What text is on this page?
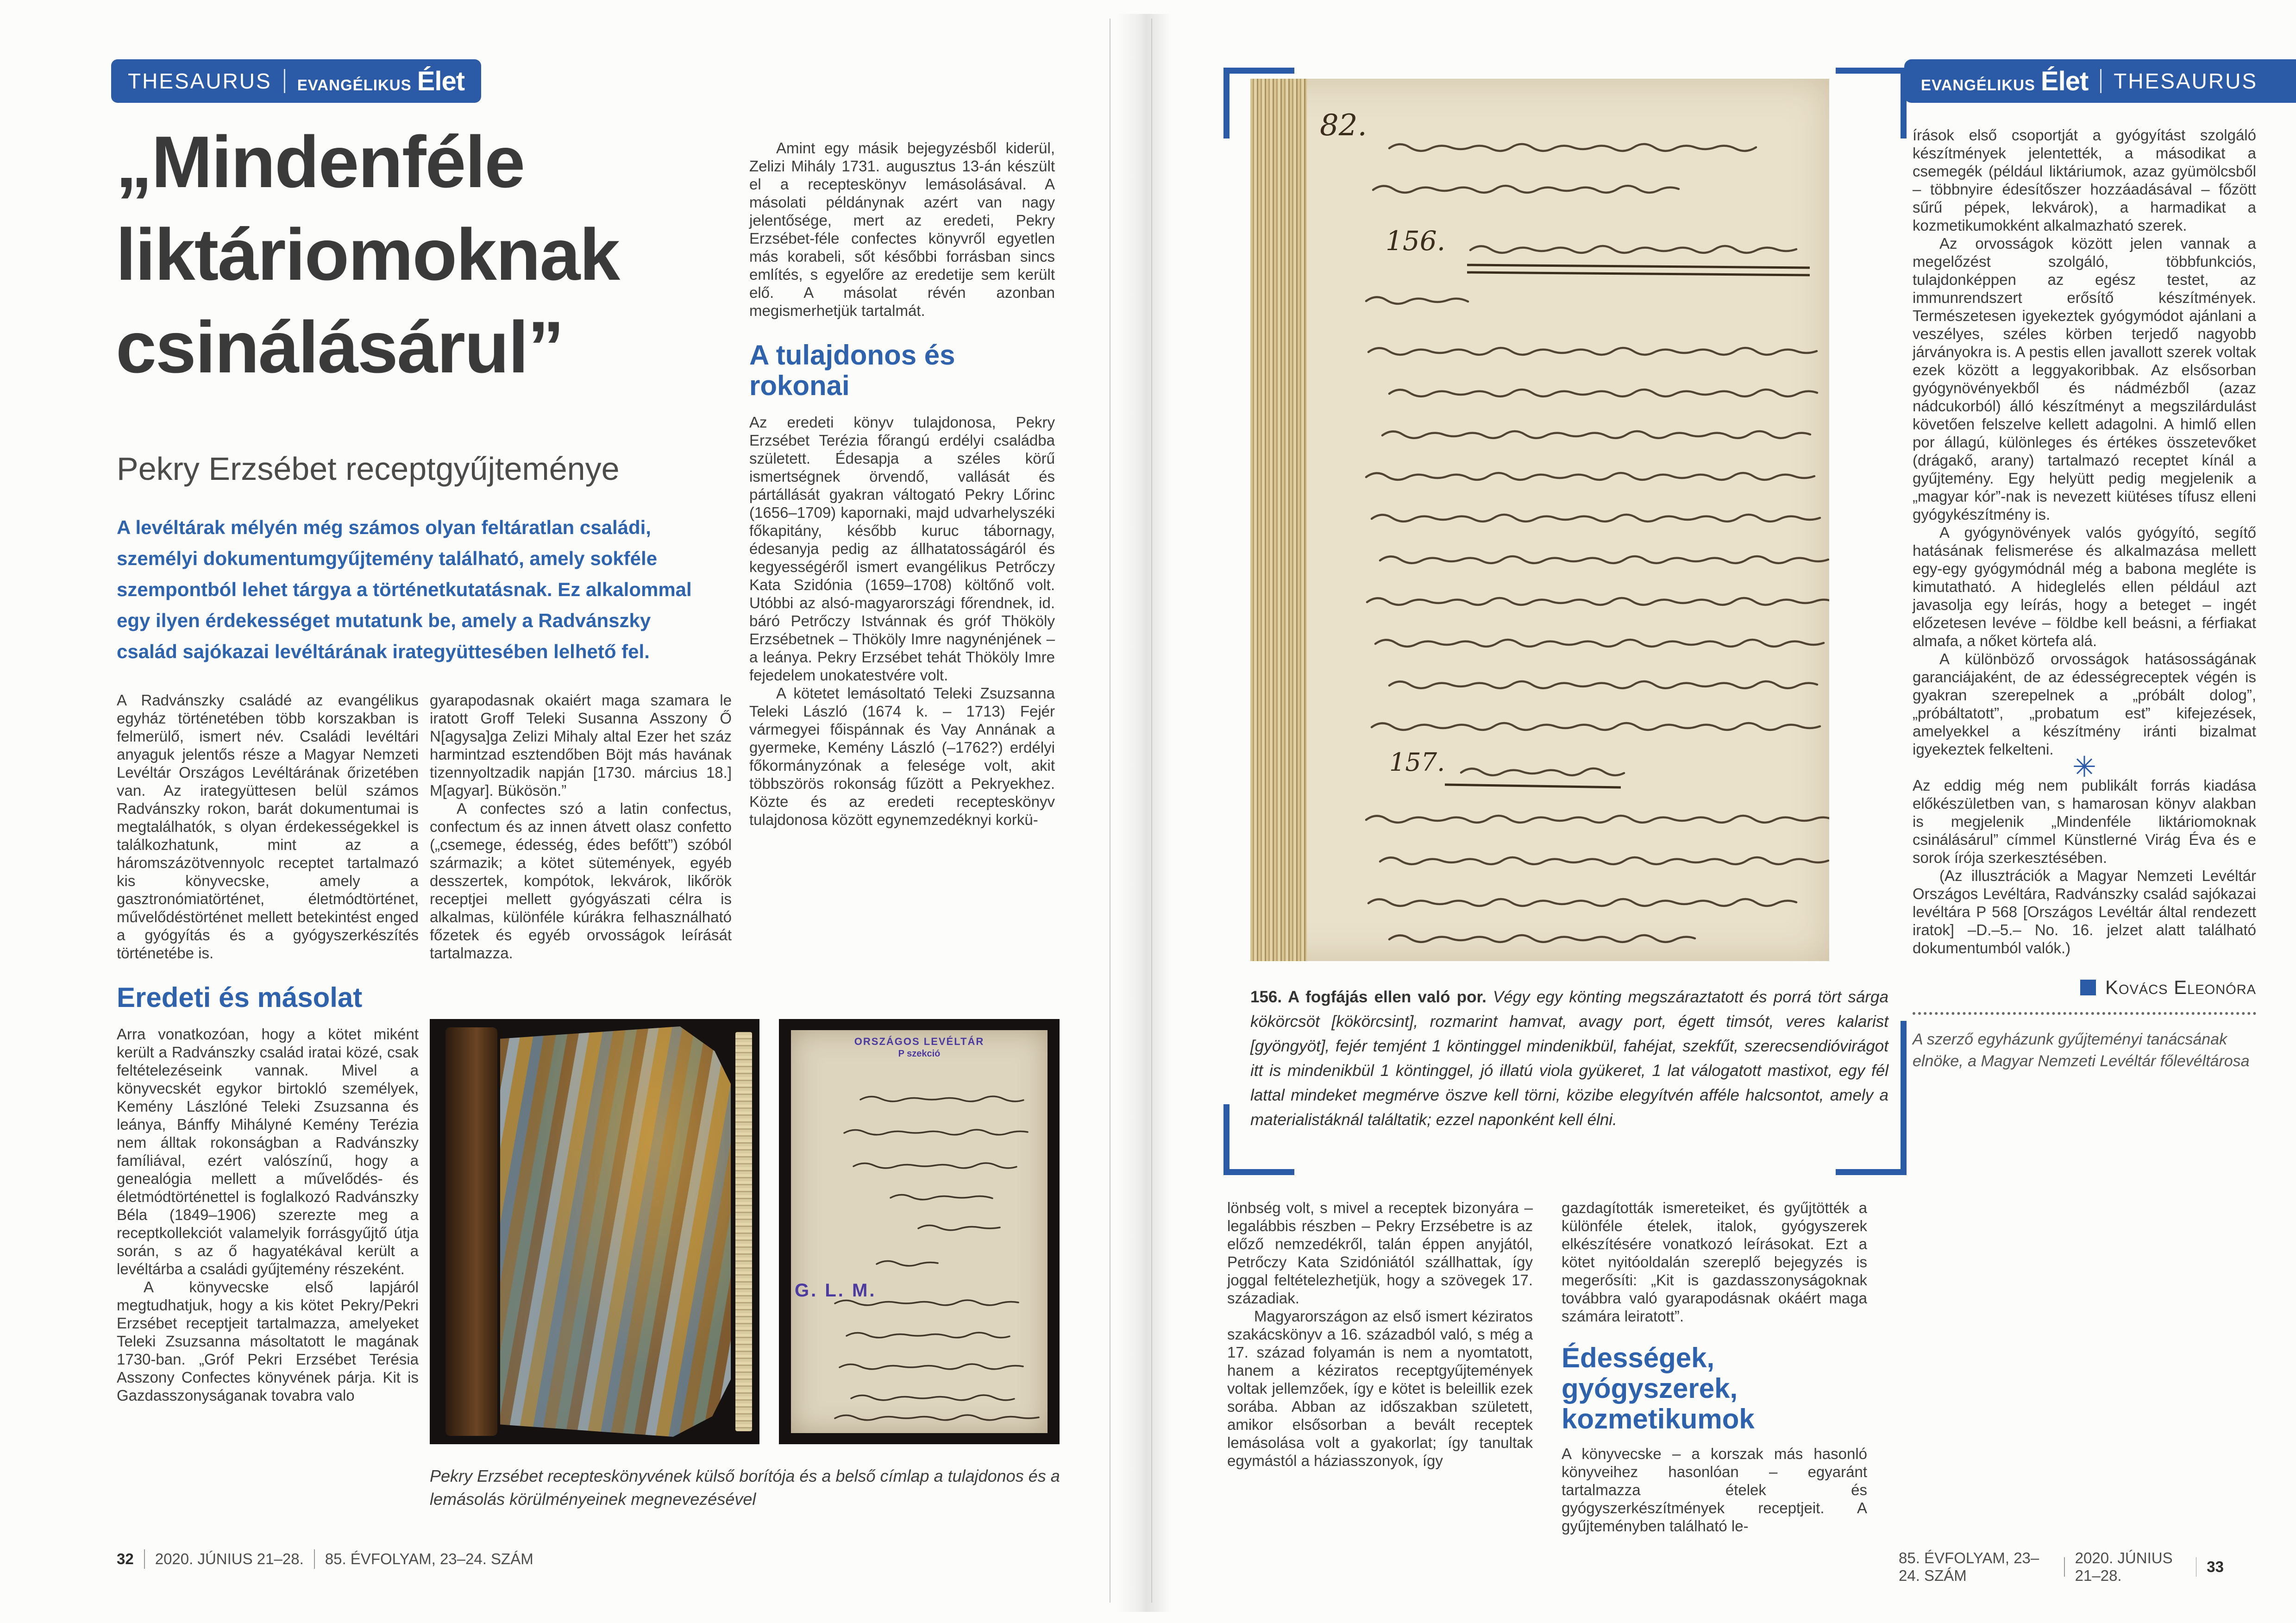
THESAURUS EVANGÉLIKUS Élet
„Mindenféle liktáriomoknak csinálásárul”
Pekry Erzsébet receptgyűjteménye
A levéltárak mélyén még számos olyan feltáratlan családi, személyi dokumentumgyűjtemény található, amely sokféle szempontból lehet tárgya a történetkutatásnak. Ez alkalommal egy ilyen érdekességet mutatunk be, amely a Radvánszky család sajókazai levéltárának irategyüttesében lelhető fel.

A Radvánszky családé az evangélikus egyház történetében több korszakban is felmerülő, ismert név. Családi levéltári anyaguk jelentős része a Magyar Nemzeti Levéltár Országos Levéltárának őrizetében van. Az irategyüttesen belül számos Radvánszky rokon, barát dokumentumai is megtalálhatók, s olyan érdekességekkel is találkozhatunk, mint az a háromszázötvennyolc receptet tartalmazó kis könyvecske, amely a gasztronómiatörténet, életmódtörténet, művelődéstörténet mellett betekintést enged a gyógyítás és a gyógyszerkészítés történetébe is.

Eredeti és másolat

Arra vonatkozóan, hogy a kötet miként került a Radvánszky család iratai közé, csak feltételezéseink vannak. Mivel a könyvecskét egykor birtokló személyek, Kemény Lászlóné Teleki Zsuzsanna és leánya, Bánffy Mihályné Kemény Terézia nem álltak rokonságban a Radvánszky famíliával, ezért valószínű, hogy a genealógia mellett a művelődés- és életmódtörténettel is foglalkozó Radvánszky Béla (1849–1906) szerezte meg a receptkollekciót valamelyik forrásgyűjtő útja során, s az ő hagyatékával került a levéltárba a családi gyűjtemény részeként.

A könyvecske első lapjáról megtudhatjuk, hogy a kis kötet Pekry/Pekri Erzsébet receptjeit tartalmazza, amelyeket Teleki Zsuzsanna másoltatott le magának 1730-ban. „Gróf Pekri Erzsébet Terésia Asszony Confectes könyvének párja. Kit is Gazdasszonyságanak tovabra valo

gyarapodasnak okaiért maga szamara le iratott Groff Teleki Susanna Asszony Ő N[agysa]ga Zelizi Mihaly altal Ezer het száz harmintzad esztendőben Böjt más havának tizennyoltzadik napján [1730. március 18.] M[agyar]. Bükösön.”

A confectes szó a latin confectus, confectum és az innen átvett olasz confetto („csemege, édesség, édes befőtt”) szóból származik; a kötet sütemények, egyéb desszertek, kompótok, lekvárok, likőrök receptjei mellett gyógyászati célra is alkalmas, különféle kúrákra felhasználható főzetek és egyéb orvosságok leírását tartalmazza.

Amint egy másik bejegyzésből kiderül, Zelizi Mihály 1731. augusztus 13-án készült el a recepteskönyv lemásolásával. A másolati példánynak azért van nagy jelentősége, mert az eredeti, Pekry Erzsébet-féle confectes könyvről egyetlen más korabeli, sőt későbbi forrásban sincs említés, s egyelőre az eredetije sem került elő. A másolat révén azonban megismerhetjük tartalmát.

A tulajdonos és rokonai

Az eredeti könyv tulajdonosa, Pekry Erzsébet Terézia főrangú erdélyi családba született. Édesapja a széles körű ismertségnek örvendő, vallását és pártállását gyakran váltogató Pekry Lőrinc (1656–1709) kapornaki, majd udvarhelyszéki főkapitány, később kuruc tábornagy, édesanyja pedig az állhatatosságáról és kegyességéről ismert evangélikus Petrőczy Kata Szidónia (1659–1708) költőnő volt. Utóbbi az alsó-magyarországi főrendnek, id. báró Petrőczy Istvánnak és gróf Thököly Erzsébetnek – Thököly Imre nagynénjének – a leánya. Pekry Erzsébet tehát Thököly Imre fejedelem unokatestvére volt.

A kötetet lemásoltató Teleki Zsuzsanna Teleki László (1674 k. – 1713) Fejér vármegyei főispánnak és Vay Annának a gyermeke, Kemény László (–1762?) erdélyi főkormányzónak a felesége volt, akit többszörös rokonság fűzött a Pekryekhez. Közte és az eredeti recepteskönyv tulajdonosa között egynemzedéknyi korkü-

ORSZÁGOS LEVÉLTÁR
P szekció
G. L. M.
Pekry Erzsébet recepteskönyvének külső borítója és a belső címlap a tulajdonos és a lemásolás körülményeinek megnevezésével
32 2020. JÚNIUS 21–28. 85. ÉVFOLYAM, 23–24. SZÁM
EVANGÉLIKUS Élet THESAURUS
82.
156.
157.
156. A fogfájás ellen való por. Végy egy könting megszáraztatott és porrá tört sárga kökörcsöt [kökörcsint], rozmarint hamvat, avagy port, égett timsót, veres kalarist [gyöngyöt], fejér temjént 1 köntinggel mindenikbül, fahéjat, szekfűt, szerecsendióvirágot itt is mindenikbül 1 köntinggel, jó illatú viola gyükeret, 1 lat válogatott mastixot, egy fél lattal mindeket megmérve öszve kell törni, közibe elegyítvén afféle halcsontot, amely a materialistáknál találtatik; ezzel naponként kell élni.

lönbség volt, s mivel a receptek bizonyára – legalábbis részben – Pekry Erzsébetre is az előző nemzedékről, talán éppen anyjától, Petrőczy Kata Szidóniától szállhattak, így joggal feltételezhetjük, hogy a szövegek 17. századiak.

Magyarországon az első ismert kéziratos szakácskönyv a 16. századból való, s még a 17. század folyamán is nem a nyomtatott, hanem a kéziratos receptgyűjtemények voltak jellemzőek, így e kötet is beleillik ezek sorába. Abban az időszakban született, amikor elsősorban a bevált receptek lemásolása volt a gyakorlat; így tanultak egymástól a háziasszonyok, így

gazdagították ismereteiket, és gyűjtötték a különféle ételek, italok, gyógyszerek elkészítésére vonatkozó leírásokat. Ezt a kötet nyitóoldalán szereplő bejegyzés is megerősíti: „Kit is gazdasszonyságoknak továbbra való gyarapodásnak okáért maga számára leiratott”.

Édességek, gyógyszerek, kozmetikumok

A könyvecske – a korszak más hasonló könyveihez hasonlóan – egyaránt tartalmazza ételek és gyógyszerkészítmények receptjeit. A gyűjteményben található le-

írások első csoportját a gyógyítást szolgáló készítmények jelentették, a másodikat a csemegék (például liktáriumok, azaz gyümölcsből – többnyire édesítőszer hozzáadásával – főzött sűrű pépek, lekvárok), a harmadikat a kozmetikumokként alkalmazható szerek.

Az orvosságok között jelen vannak a megelőzést szolgáló, többfunkciós, tulajdonképpen az egész testet, az immunrendszert erősítő készítmények. Természetesen igyekeztek gyógymódot ajánlani a veszélyes, széles körben terjedő nagyobb járványokra is. A pestis ellen javallott szerek voltak ezek között a leggyakoribbak. Az elsősorban gyógynövényekből és nádmézből (azaz nádcukorból) álló készítményt a megszilárdulást követően felszelve kellett adagolni. A himlő ellen por állagú, különleges és értékes összetevőket (drágakő, arany) tartalmazó receptet kínál a gyűjtemény. Egy helyütt pedig megjelenik a „magyar kór”-nak is nevezett kiütéses tífusz elleni gyógykészítmény is.

A gyógynövények valós gyógyító, segítő hatásának felismerése és alkalmazása mellett egy-egy gyógymódnál még a babona megléte is kimutatható. A hideglelés ellen például azt javasolja egy leírás, hogy a beteget – ingét előzetesen levéve – földbe kell beásni, a férfiakat almafa, a nőket körtefa alá.

A különböző orvosságok hatásosságának garanciájaként, de az édességreceptek végén is gyakran szerepelnek a „próbált dolog”, „próbáltatott”, „probatum est” kifejezések, amelyekkel a készítmény iránti bizalmat igyekeztek felkelteni.

✳

Az eddig még nem publikált forrás kiadása előkészületben van, s hamarosan könyv alakban is megjelenik „Mindenféle liktáriomoknak csinálásárul” címmel Künstlerné Virág Éva és e sorok írója szerkesztésében.

(Az illusztrációk a Magyar Nemzeti Levéltár Országos Levéltára, Radvánszky család sajókazai levéltára P 568 [Országos Levéltár által rendezett iratok] –D.–5.– No. 16. jelzet alatt található dokumentumból valók.)

Kovács Eleonóra
A szerző egyházunk gyűjteményi tanácsának elnöke, a Magyar Nemzeti Levéltár főlevéltárosa
85. ÉVFOLYAM, 23–24. SZÁM
2020. JÚNIUS 21–28.
33
